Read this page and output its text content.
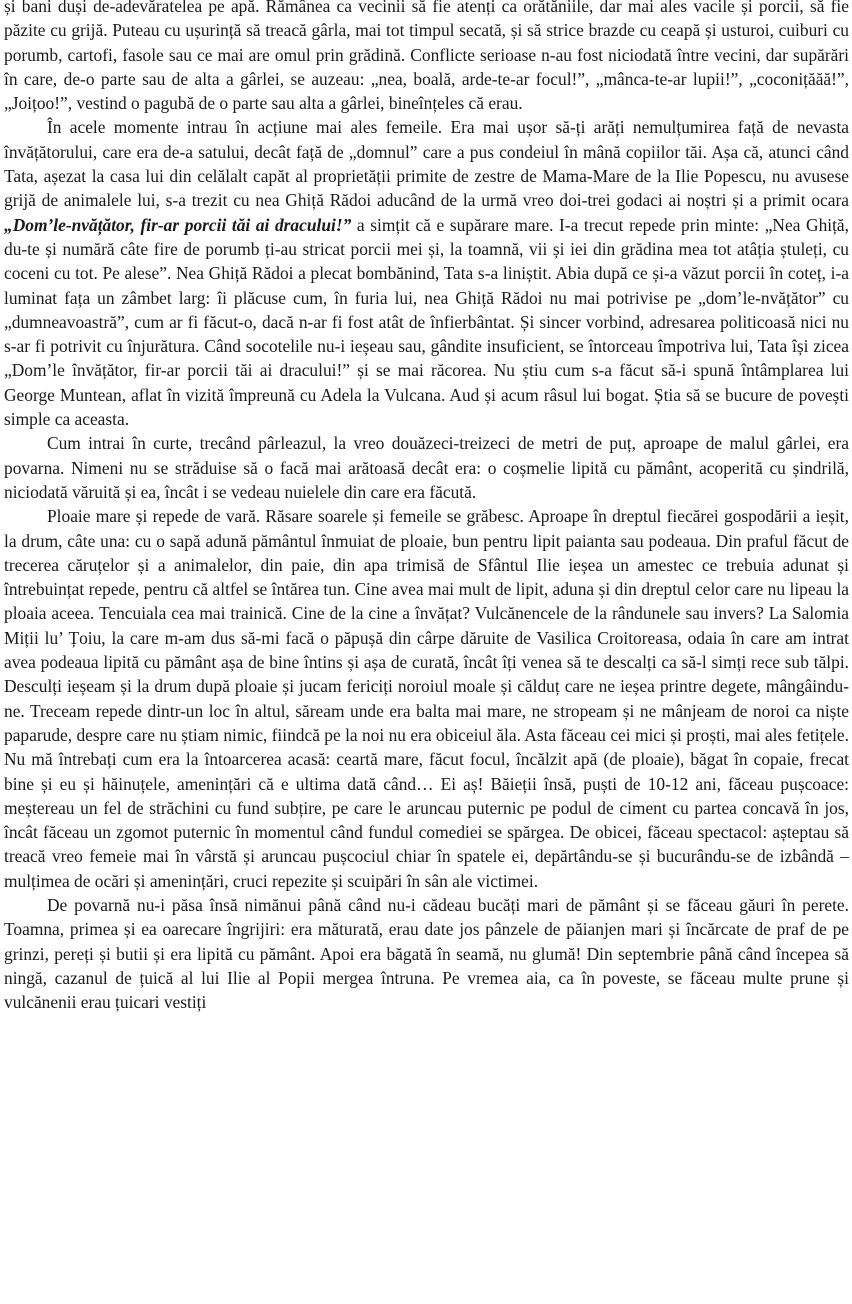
și bani duși de-adevăratelea pe apă. Rămânea ca vecinii să fie atenți ca orătăniile, dar mai ales vacile și porcii, să fie păzite cu grijă. Puteau cu ușurință să treacă gârla, mai tot timpul secată, și să strice brazde cu ceapă și usturoi, cuiburi cu porumb, cartofi, fasole sau ce mai are omul prin grădină. Conflicte serioase n-au fost niciodată între vecini, dar supărări în care, de-o parte sau de alta a gârlei, se auzeau: „nea, boală, arde-te-ar focul!”, „mânca-te-ar lupii!”, „coconițăăă!”, „Joițoo!”, vestind o pagubă de o parte sau alta a gârlei, bineînțeles că erau.

În acele momente intrau în acțiune mai ales femeile. Era mai ușor să-ți arăți nemulțumirea față de nevasta învățătorului, care era de-a satului, decât față de „domnul” care a pus condeiul în mână copiilor tăi. Așa că, atunci când Tata, așezat la casa lui din celălalt capăt al proprietății primite de zestre de Mama-Mare de la Ilie Popescu, nu avusese grijă de animalele lui, s-a trezit cu nea Ghiță Rădoi aducând de la urmă vreo doi-trei godaci ai noștri și a primit ocara „Dom’le-nvățător, fir-ar porcii tăi ai dracului!” a simțit că e supărare mare. I-a trecut repede prin minte: „Nea Ghiță, du-te și numără câte fire de porumb ți-au stricat porcii mei și, la toamnă, vii și iei din grădina mea tot atâția ștuleți, cu coceni cu tot. Pe alese”. Nea Ghiță Rădoi a plecat bombănind, Tata s-a liniștit. Abia după ce și-a văzut porcii în coteț, i-a luminat fața un zâmbet larg: îi plăcuse cum, în furia lui, nea Ghiță Rădoi nu mai potrivise pe „dom’le-nvățător” cu „dumneavoastră”, cum ar fi făcut-o, dacă n-ar fi fost atât de înfierbântat. Și sincer vorbind, adresarea politicoasă nici nu s-ar fi potrivit cu înjurătura. Când socotelile nu-i ieșeau sau, gândite insuficient, se întorceau împotriva lui, Tata își zicea „Dom’le învățător, fir-ar porcii tăi ai dracului!” și se mai răcorea. Nu știu cum s-a făcut să-i spună întâmplarea lui George Muntean, aflat în vizită împreună cu Adela la Vulcana. Aud și acum râsul lui bogat. Știa să se bucure de povești simple ca aceasta.

Cum intrai în curte, trecând pârleazul, la vreo douăzeci-treizeci de metri de puț, aproape de malul gârlei, era povarna. Nimeni nu se străduise să o facă mai arătoasă decât era: o coșmelie lipită cu pământ, acoperită cu șindrilă, niciodată văruită și ea, încât i se vedeau nuielele din care era făcută.

Ploaie mare și repede de vară. Răsare soarele și femeile se grăbesc. Aproape în dreptul fiecărei gospodării a ieșit, la drum, câte una: cu o sapă adună pământul înmuiat de ploaie, bun pentru lipit paianta sau podeaua. Din praful făcut de trecerea căruțelor și a animalelor, din paie, din apa trimisă de Sfântul Ilie ieșea un amestec ce trebuia adunat și întrebuințat repede, pentru că altfel se întărea tun. Cine avea mai mult de lipit, aduna și din dreptul celor care nu lipeau la ploaia aceea. Tencuiala cea mai trainică. Cine de la cine a învățat? Vulcănencele de la rândunele sau invers? La Salomia Miții lu’ Țoiu, la care m-am dus să-mi facă o păpușă din cârpe dăruite de Vasilica Croitoreasa, odaia în care am intrat avea podeaua lipită cu pământ așa de bine întins și așa de curată, încât îți venea să te descalți ca să-l simți rece sub tălpi. Desculți ieșeam și la drum după ploaie și jucam fericiți noroiul moale și călduț care ne ieșea printre degete, mângâindu-ne. Treceam repede dintr-un loc în altul, săream unde era balta mai mare, ne stropeam și ne mânjeam de noroi ca niște paparude, despre care nu știam nimic, fiindcă pe la noi nu era obiceiul ăla. Asta făceau cei mici și proști, mai ales fetițele. Nu mă întrebați cum era la întoarcerea acasă: ceartă mare, făcut focul, încălzit apă (de ploaie), băgat în copaie, frecat bine și eu și hăinuțele, amenințări că e ultima dată când… Ei aș! Băieții însă, puști de 10-12 ani, făceau pușcoace: meștereau un fel de străchini cu fund subțire, pe care le aruncau puternic pe podul de ciment cu partea concavă în jos, încât făceau un zgomot puternic în momentul când fundul comediei se spărgea. De obicei, făceau spectacol: așteptau să treacă vreo femeie mai în vârstă și aruncau pușcociul chiar în spatele ei, depărtându-se și bucurându-se de izbândă – mulțimea de ocări și amenințări, cruci repezite și scuipări în sân ale victimei.

De povarnă nu-i păsa însă nimănui până când nu-i cădeau bucăți mari de pământ și se făceau găuri în perete. Toamna, primea și ea oarecare îngrijiri: era măturată, erau date jos pânzele de păianjen mari și încărcate de praf de pe grinzi, pereți și butii și era lipită cu pământ. Apoi era băgată în seamă, nu glumă! Din septembrie până când începea să ningă, cazanul de țuică al lui Ilie al Popii mergea întruna. Pe vremea aia, ca în poveste, se făceau multe prune și vulcănenii erau țuicari vestiți
